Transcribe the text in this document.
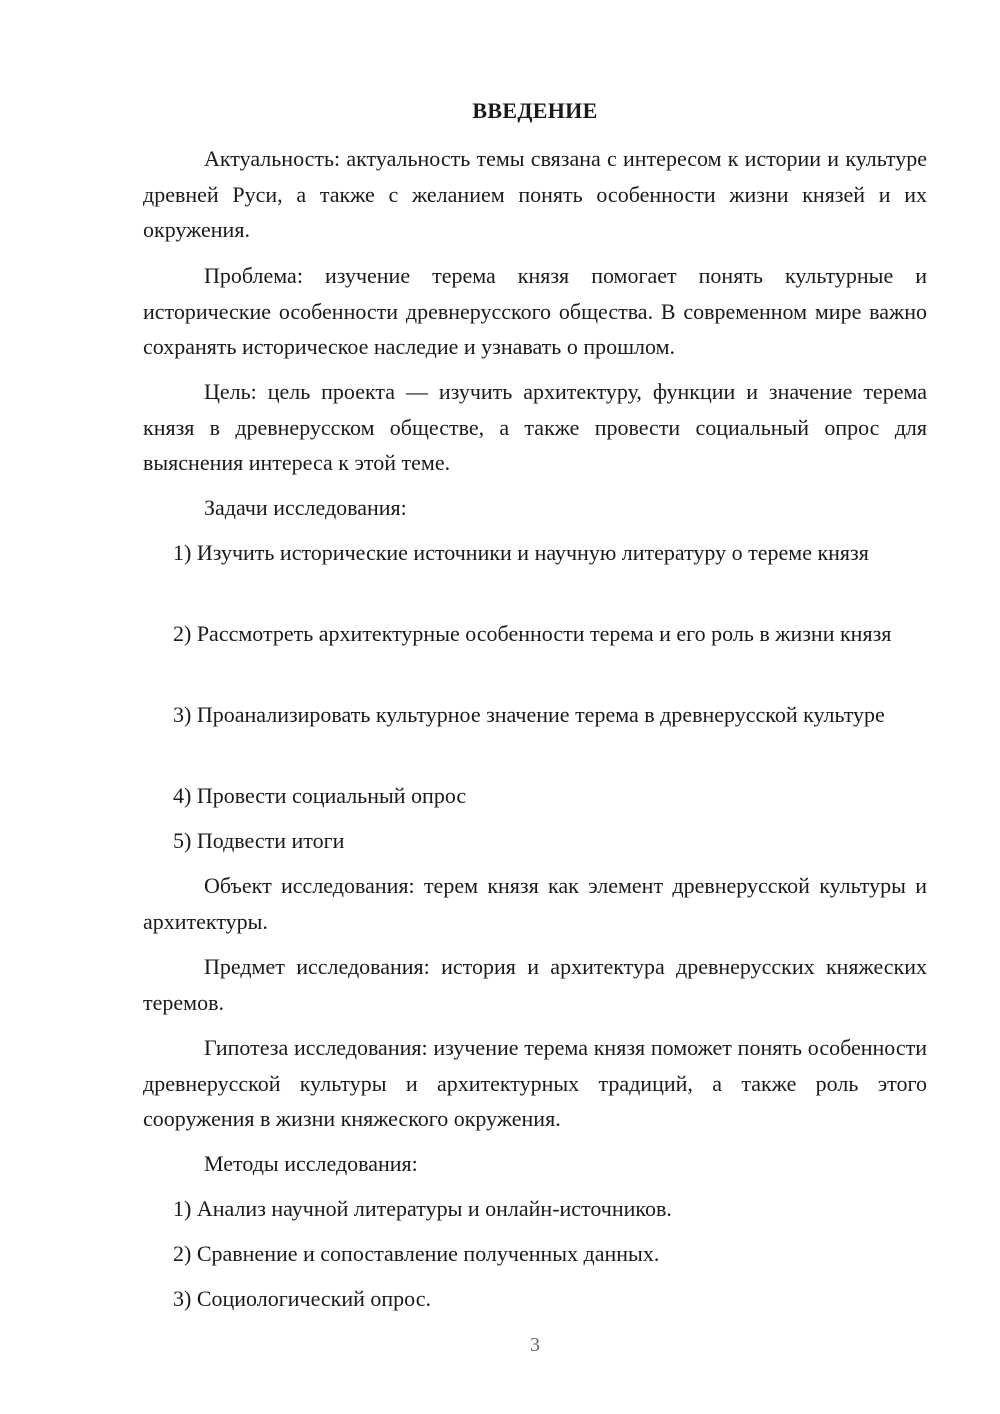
ВВЕДЕНИЕ

Актуальность: актуальность темы связана с интересом к истории и культуре древней Руси, а также с желанием понять особенности жизни князей и их окружения.

Проблема: изучение терема князя помогает понять культурные и исторические особенности древнерусского общества. В современном мире важно сохранять историческое наследие и узнавать о прошлом.

Цель: цель проекта — изучить архитектуру, функции и значение терема князя в древнерусском обществе, а также провести социальный опрос для выяснения интереса к этой теме.

Задачи исследования:

1) Изучить исторические источники и научную литературу о тереме князя

2) Рассмотреть архитектурные особенности терема и его роль в жизни князя

3) Проанализировать культурное значение терема в древнерусской культуре

4) Провести социальный опрос

5) Подвести итоги

Объект исследования: терем князя как элемент древнерусской культуры и архитектуры.

Предмет исследования: история и архитектура древнерусских княжеских теремов.

Гипотеза исследования: изучение терема князя поможет понять особенности древнерусской культуры и архитектурных традиций, а также роль этого сооружения в жизни княжеского окружения.

Методы исследования:

1) Анализ научной литературы и онлайн-источников.

2) Сравнение и сопоставление полученных данных.

3) Социологический опрос.

3
